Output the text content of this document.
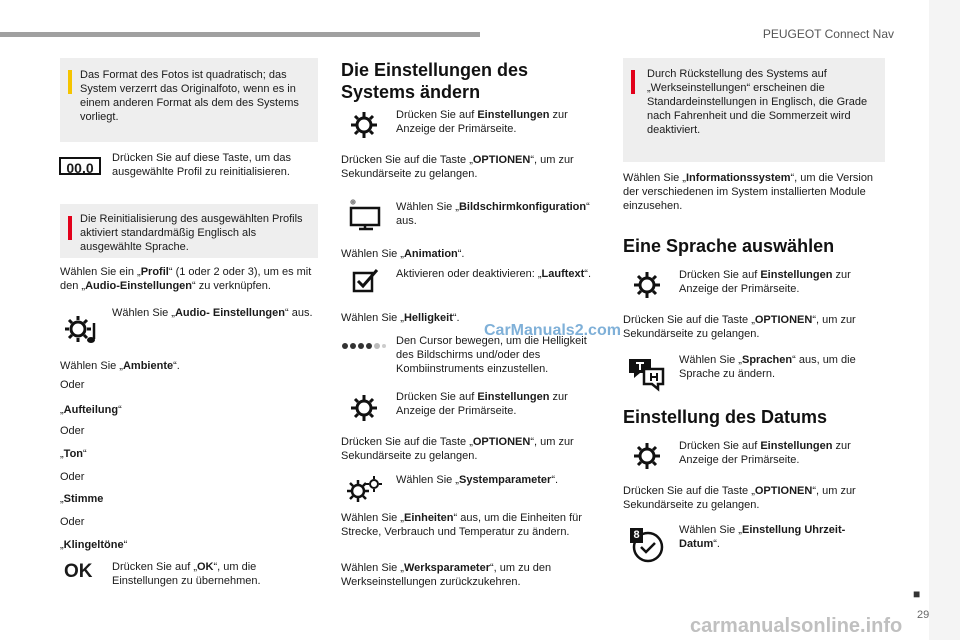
PEUGEOT Connect Nav
■
29
Das Format des Fotos ist quadratisch; das System verzerrt das Originalfoto, wenn es in einem anderen Format als dem des Systems vorliegt.
00.0
Drücken Sie auf diese Taste, um das ausgewählte Profil zu reinitialisieren.
Die Reinitialisierung des ausgewählten Profils aktiviert standardmäßig Englisch als ausgewählte Sprache.
Wählen Sie ein „Profil“ (1 oder 2 oder 3), um es mit den „Audio-Einstellungen“ zu verknüpfen.
Wählen Sie „Audio- Einstellungen“ aus.
Wählen Sie „Ambiente“.
Oder
„Aufteilung“
Oder
„Ton“
Oder
„Stimme
Oder
„Klingeltöne“
OK Drücken Sie auf „OK“, um die Einstellungen zu übernehmen.
Die Einstellungen des
Systems ändern
Drücken Sie auf Einstellungen zur Anzeige der Primärseite.
Drücken Sie auf die Taste „OPTIONEN“, um zur Sekundärseite zu gelangen.
Wählen Sie „Bildschirmkonfiguration“ aus.
Wählen Sie „Animation“.
Aktivieren oder deaktivieren: „Lauftext“.
Wählen Sie „Helligkeit“.
Den Cursor bewegen, um die Helligkeit des Bildschirms und/oder des Kombiinstruments einzustellen.
Drücken Sie auf Einstellungen zur Anzeige der Primärseite.
Drücken Sie auf die Taste „OPTIONEN“, um zur Sekundärseite zu gelangen.
Wählen Sie „Systemparameter“.
Wählen Sie „Einheiten“ aus, um die Einheiten für Strecke, Verbrauch und Temperatur zu ändern.
Wählen Sie „Werksparameter“, um zu den Werkseinstellungen zurückzukehren.
CarManuals2.com
Durch Rückstellung des Systems auf „Werkseinstellungen“ erscheinen die Standardeinstellungen in Englisch, die Grade nach Fahrenheit und die Sommerzeit wird deaktiviert.
Wählen Sie „Informationssystem“, um die Version der verschiedenen im System installierten Module einzusehen.
Eine Sprache auswählen
Drücken Sie auf Einstellungen zur Anzeige der Primärseite.
Drücken Sie auf die Taste „OPTIONEN“, um zur Sekundärseite zu gelangen.
Wählen Sie „Sprachen“ aus, um die Sprache zu ändern.
Einstellung des Datums
Drücken Sie auf Einstellungen zur Anzeige der Primärseite.
Drücken Sie auf die Taste „OPTIONEN“, um zur Sekundärseite zu gelangen.
8	Wählen Sie „Einstellung Uhrzeit-Datum“.
carmanualsonline.info
